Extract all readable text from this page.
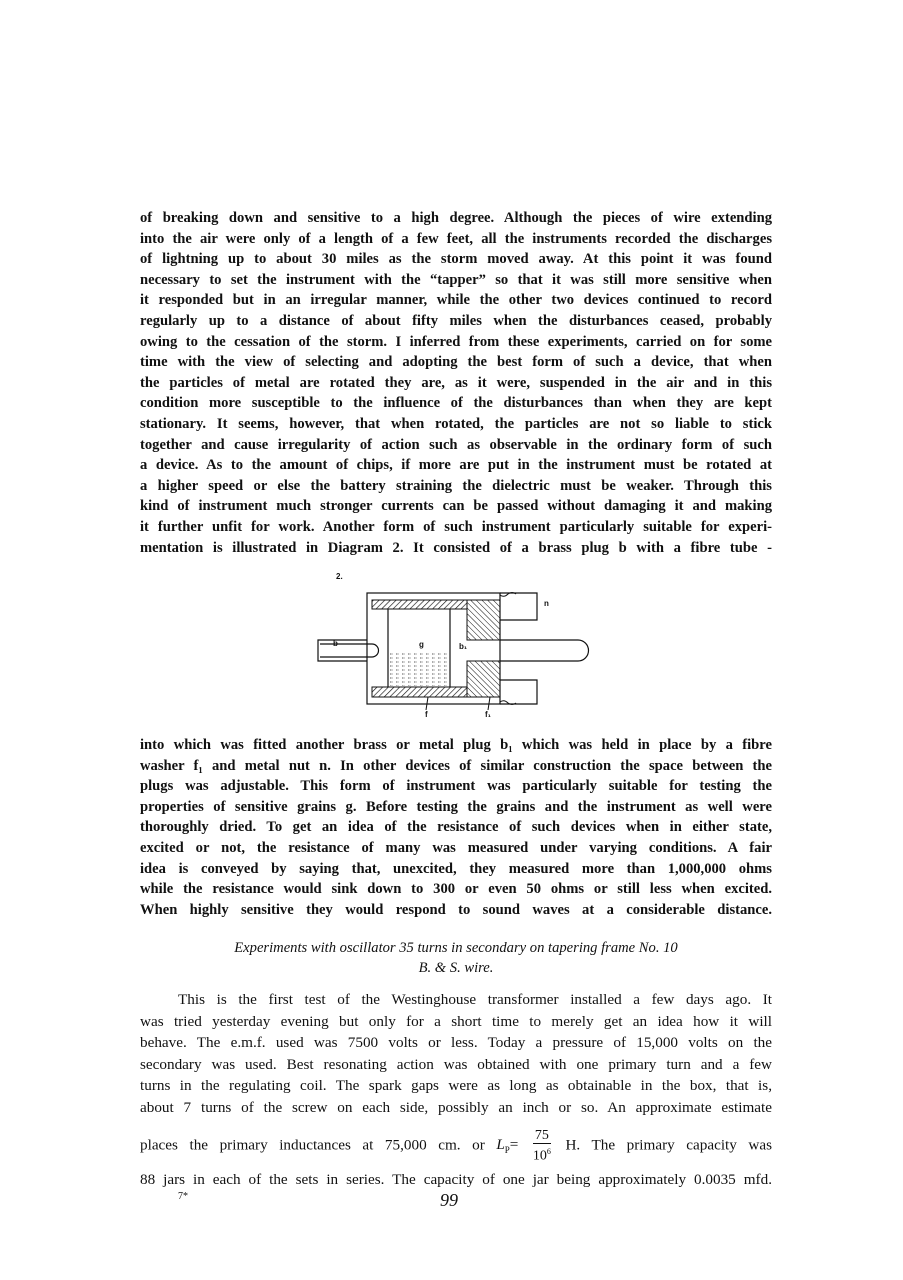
of breaking down and sensitive to a high degree. Although the pieces of wire extending
into the air were only of a length of a few feet, all the instruments recorded the discharges
of lightning up to about 30 miles as the storm moved away. At this point it was found
necessary to set the instrument with the “tapper” so that it was still more sensitive when
it responded but in an irregular manner, while the other two devices continued to record
regularly up to a distance of about fifty miles when the disturbances ceased, probably
owing to the cessation of the storm. I inferred from these experiments, carried on for some
time with the view of selecting and adopting the best form of such a device, that when
the particles of metal are rotated they are, as it were, suspended in the air and in this
condition more susceptible to the influence of the disturbances than when they are kept
stationary. It seems, however, that when rotated, the particles are not so liable to stick
together and cause irregularity of action such as observable in the ordinary form of such
a device. As to the amount of chips, if more are put in the instrument must be rotated at
a higher speed or else the battery straining the dielectric must be weaker. Through this
kind of instrument much stronger currents can be passed without damaging it and making
it further unfit for work. Another form of such instrument particularly suitable for experi-
mentation is illustrated in Diagram 2. It consisted of a brass plug b with a fibre tube -
2.
b	g	b₁
n
f	f₁
into which was fitted another brass or metal plug b₁ which was held in place by a fibre
washer f₁ and metal nut n. In other devices of similar construction the space between the
plugs was adjustable. This form of instrument was particularly suitable for testing the
properties of sensitive grains g. Before testing the grains and the instrument as well were
thoroughly dried. To get an idea of the resistance of such devices when in either state,
excited or not, the resistance of many was measured under varying conditions. A fair
idea is conveyed by saying that, unexcited, they measured more than 1,000,000 ohms
while the resistance would sink down to 300 or even 50 ohms or still less when excited.
When highly sensitive they would respond to sound waves at a considerable distance.
Experiments with oscillator 35 turns in secondary on tapering frame No. 10
B. & S. wire.
This is the first test of the Westinghouse transformer installed a few days ago. It
was tried yesterday evening but only for a short time to merely get an idea how it will
behave. The e.m.f. used was 7500 volts or less. Today a pressure of 15,000 volts on the
secondary was used. Best resonating action was obtained with one primary turn and a few
turns in the regulating coil. The spark gaps were as long as obtainable in the box, that is,
about 7 turns of the screw on each side, possibly an inch or so. An approximate estimate
places the primary inductances at 75,000 cm. or $L_P= \frac{75}{10^6} H$. The primary capacity was
88 jars in each of the sets in series. The capacity of one jar being approximately 0.0035 mfd.
7*	99
